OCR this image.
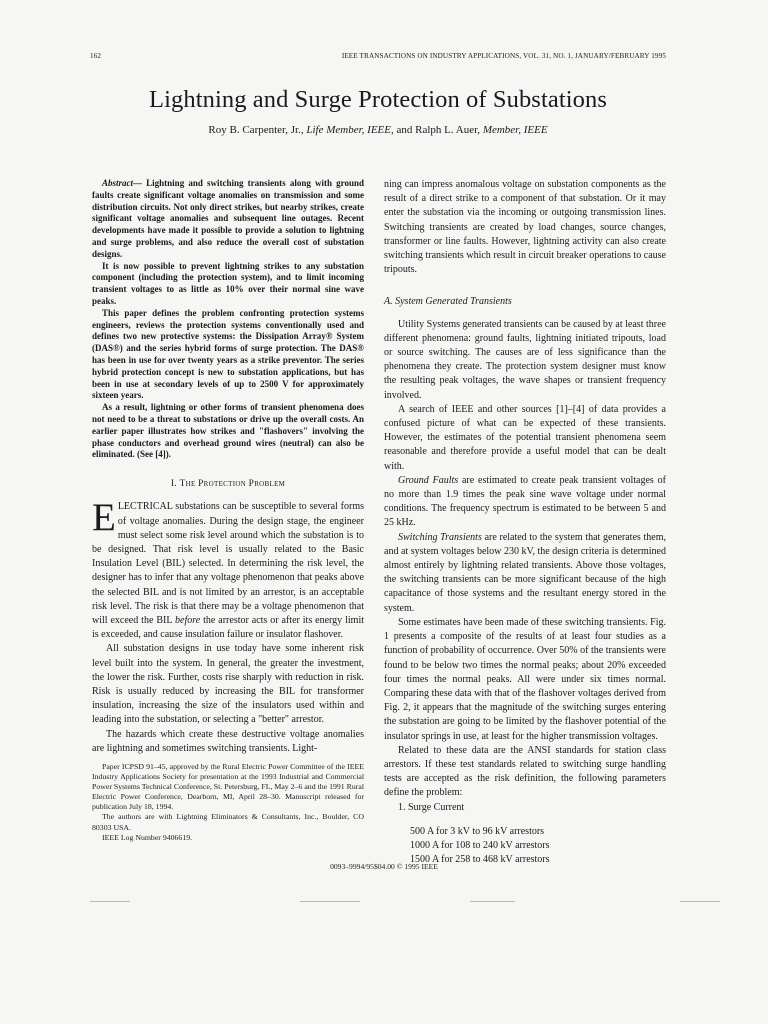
162	IEEE TRANSACTIONS ON INDUSTRY APPLICATIONS, VOL. 31, NO. 1, JANUARY/FEBRUARY 1995
Lightning and Surge Protection of Substations
Roy B. Carpenter, Jr., Life Member, IEEE, and Ralph L. Auer, Member, IEEE

Abstract— Lightning and switching transients along with ground faults create significant voltage anomalies on transmission and some distribution circuits. Not only direct strikes, but nearby strikes, create significant voltage anomalies and subsequent line outages. Recent developments have made it possible to provide a solution to lightning and surge problems, and also reduce the overall cost of substation designs.

It is now possible to prevent lightning strikes to any substation component (including the protection system), and to limit incoming transient voltages to as little as 10% over their normal sine wave peaks.

This paper defines the problem confronting protection systems engineers, reviews the protection systems conventionally used and defines two new protective systems: the Dissipation Array® System (DAS®) and the series hybrid forms of surge protection. The DAS® has been in use for over twenty years as a strike preventor. The series hybrid protection concept is new to substation applications, but has been in use at secondary levels of up to 2500 V for approximately sixteen years.

As a result, lightning or other forms of transient phenomena does not need to be a threat to substations or drive up the overall costs. An earlier paper illustrates how strikes and "flashovers" involving the phase conductors and overhead ground wires (neutral) can also be eliminated. (See [4]).

I. The Protection Problem

ELECTRICAL substations can be susceptible to several forms of voltage anomalies. During the design stage, the engineer must select some risk level around which the substation is to be designed. That risk level is usually related to the Basic Insulation Level (BIL) selected. In determining the risk level, the designer has to infer that any voltage phenomenon that peaks above the selected BIL and is not limited by an arrestor, is an acceptable risk level. The risk is that there may be a voltage phenomenon that will exceed the BIL before the arrestor acts or after its energy limit is exceeded, and cause insulation failure or insulator flashover.

All substation designs in use today have some inherent risk level built into the system. In general, the greater the investment, the lower the risk. Further, costs rise sharply with reduction in risk. Risk is usually reduced by increasing the BIL for transformer insulation, increasing the size of the insulators used within and leading into the substation, or selecting a "better" arrestor.

The hazards which create these destructive voltage anomalies are lightning and sometimes switching transients. Light-

Paper ICPSD 91–45, approved by the Rural Electric Power Committee of the IEEE Industry Applications Society for presentation at the 1993 Industrial and Commercial Power Systems Technical Conference, St. Petersburg, FL, May 2–6 and the 1991 Rural Electric Power Conference, Dearborn, MI, April 28–30. Manuscript released for publication July 18, 1994.

The authors are with Lightning Eliminators & Consultants, Inc., Boulder, CO 80303 USA.

IEEE Log Number 9406619.

ning can impress anomalous voltage on substation components as the result of a direct strike to a component of that substation. Or it may enter the substation via the incoming or outgoing transmission lines. Switching transients are created by load changes, source changes, transformer or line faults. However, lightning activity can also create switching transients which result in circuit breaker operations to cause tripouts.

A. System Generated Transients

Utility Systems generated transients can be caused by at least three different phenomena: ground faults, lightning initiated tripouts, load or source switching. The causes are of less significance than the phenomena they create. The protection system designer must know the resulting peak voltages, the wave shapes or transient frequency involved.

A search of IEEE and other sources [1]–[4] of data provides a confused picture of what can be expected of these transients. However, the estimates of the potential transient phenomena seem reasonable and therefore provide a useful model that can be dealt with.

Ground Faults are estimated to create peak transient voltages of no more than 1.9 times the peak sine wave voltage under normal conditions. The frequency spectrum is estimated to be between 5 and 25 kHz.

Switching Transients are related to the system that generates them, and at system voltages below 230 kV, the design criteria is determined almost entirely by lightning related transients. Above those voltages, the switching transients can be more significant because of the high capacitance of those systems and the resultant energy stored in the system.

Some estimates have been made of these switching transients. Fig. 1 presents a composite of the results of at least four studies as a function of probability of occurrence. Over 50% of the transients were found to be below two times the normal peaks; about 20% exceeded four times the normal peaks. All were under six times normal. Comparing these data with that of the flashover voltages derived from Fig. 2, it appears that the magnitude of the switching surges entering the substation are going to be limited by the flashover potential of the insulator springs in use, at least for the higher transmission voltages.

Related to these data are the ANSI standards for station class arrestors. If these test standards related to switching surge handling tests are accepted as the risk definition, the following parameters define the problem:

1. Surge Current

500 A for 3 kV to 96 kV arrestors
1000 A for 108 to 240 kV arrestors
1500 A for 258 to 468 kV arrestors
0093–9994/95$04.00 © 1995 IEEE
